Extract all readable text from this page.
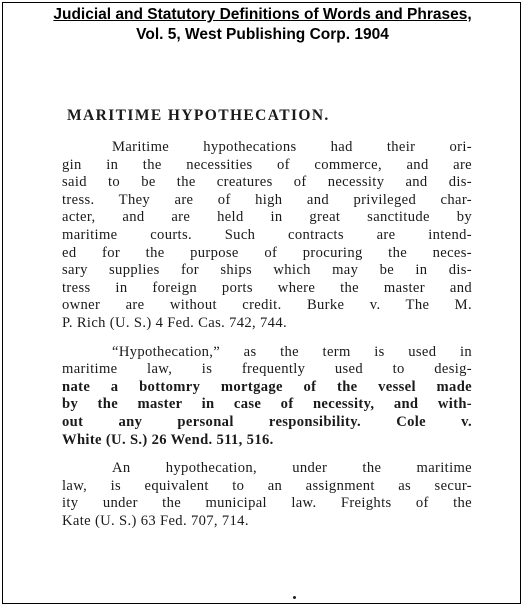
Judicial and Statutory Definitions of Words and Phrases,
Vol. 5, West Publishing Corp. 1904
MARITIME HYPOTHECATION.
Maritime hypothecations had their ori-
gin in the necessities of commerce, and are
said to be the creatures of necessity and dis-
tress. They are of high and privileged char-
acter, and are held in great sanctitude by
maritime courts. Such contracts are intend-
ed for the purpose of procuring the neces-
sary supplies for ships which may be in dis-
tress in foreign ports where the master and
owner are without credit. Burke v. The M.
P. Rich (U. S.) 4 Fed. Cas. 742, 744.
“Hypothecation,” as the term is used in
maritime law, is frequently used to desig-
nate a bottomry mortgage of the vessel made
by the master in case of necessity, and with-
out any personal responsibility. Cole v.
White (U. S.) 26 Wend. 511, 516.
An hypothecation, under the maritime
law, is equivalent to an assignment as secur-
ity under the municipal law. Freights of the
Kate (U. S.) 63 Fed. 707, 714.
